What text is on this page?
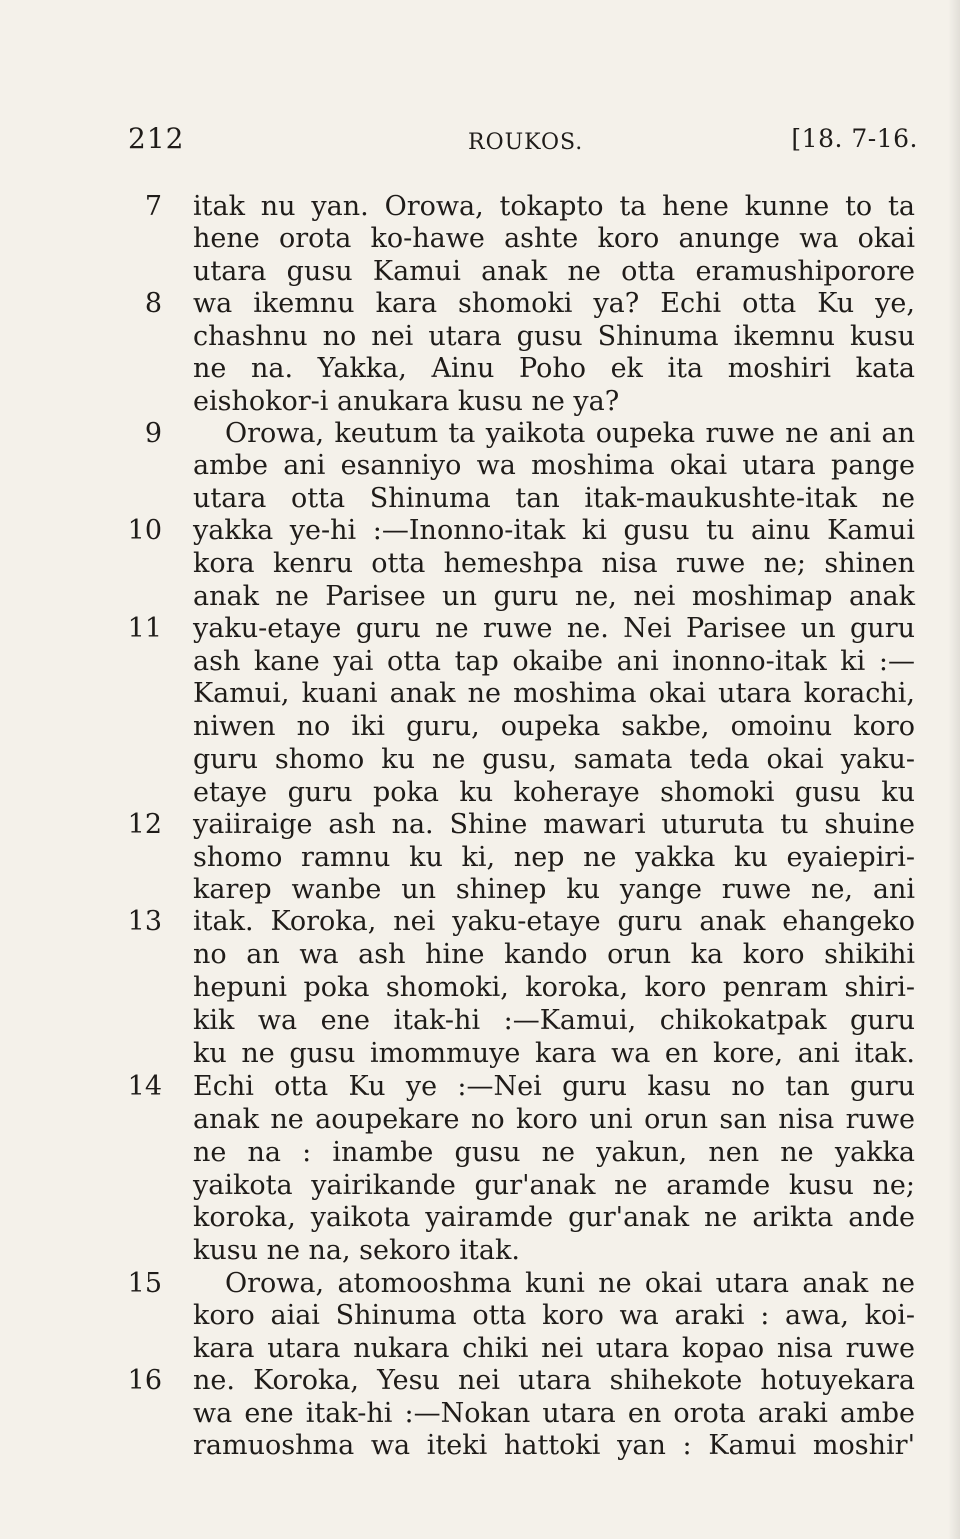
212	ROUKOS.	[18. 7-16.
7
8
9
10
11
12
13
14
15
16
itak nu yan. Orowa, tokapto ta hene kunne to ta
hene orota ko-hawe ashte koro anunge wa okai
utara gusu Kamui anak ne otta eramushiporore
wa ikemnu kara shomoki ya? Echi otta Ku ye,
chashnu no nei utara gusu Shinuma ikemnu kusu
ne na. Yakka, Ainu Poho ek ita moshiri kata
eishokor-i anukara kusu ne ya?
Orowa, keutum ta yaikota oupeka ruwe ne ani an
ambe ani esanniyo wa moshima okai utara pange
utara otta Shinuma tan itak-maukushte-itak ne
yakka ye-hi :—Inonno-itak ki gusu tu ainu Kamui
kora kenru otta hemeshpa nisa ruwe ne; shinen
anak ne Parisee un guru ne, nei moshimap anak
yaku-etaye guru ne ruwe ne. Nei Parisee un guru
ash kane yai otta tap okaibe ani inonno-itak ki :—
Kamui, kuani anak ne moshima okai utara korachi,
niwen no iki guru, oupeka sakbe, omoinu koro
guru shomo ku ne gusu, samata teda okai yaku-
etaye guru poka ku koheraye shomoki gusu ku
yaiiraige ash na. Shine mawari uturuta tu shuine
shomo ramnu ku ki, nep ne yakka ku eyaiepiri-
karep wanbe un shinep ku yange ruwe ne, ani
itak. Koroka, nei yaku-etaye guru anak ehangeko
no an wa ash hine kando orun ka koro shikihi
hepuni poka shomoki, koroka, koro penram shiri-
kik wa ene itak-hi :—Kamui, chikokatpak guru
ku ne gusu imommuye kara wa en kore, ani itak.
Echi otta Ku ye :—Nei guru kasu no tan guru
anak ne aoupekare no koro uni orun san nisa ruwe
ne na : inambe gusu ne yakun, nen ne yakka
yaikota yairikande gur'anak ne aramde kusu ne;
koroka, yaikota yairamde gur'anak ne arikta ande
kusu ne na, sekoro itak.
Orowa, atomooshma kuni ne okai utara anak ne
koro aiai Shinuma otta koro wa araki : awa, koi-
kara utara nukara chiki nei utara kopao nisa ruwe
ne. Koroka, Yesu nei utara shihekote hotuyekara
wa ene itak-hi :—Nokan utara en orota araki ambe
ramuoshma wa iteki hattoki yan : Kamui moshir'
